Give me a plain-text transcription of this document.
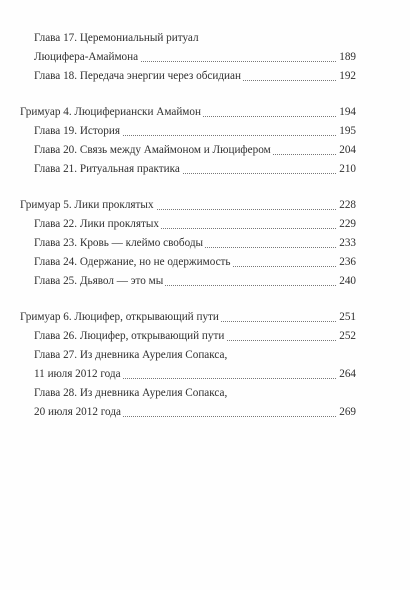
Глава 17. Церемониальный ритуал
Люциферa-Амаймона	189
Глава 18. Передача энергии через обсидиан	192
Гримуар 4. Люцифериански Амаймон	194
Глава 19. История	195
Глава 20. Связь между Амаймоном и Люцифером	204
Глава 21. Ритуальная практика	210
Гримуар 5. Лики проклятых	228
Глава 22. Лики проклятых	229
Глава 23. Кровь — клеймо свободы	233
Глава 24. Одержание, но не одержимость	236
Глава 25. Дьявол — это мы	240
Гримуар 6. Люцифер, открывающий пути	251
Глава 26. Люцифер, открывающий пути	252
Глава 27. Из дневника Аурелия Сопакса,
11 июля 2012 года	264
Глава 28. Из дневника Аурелия Сопакса,
20 июля 2012 года	269
